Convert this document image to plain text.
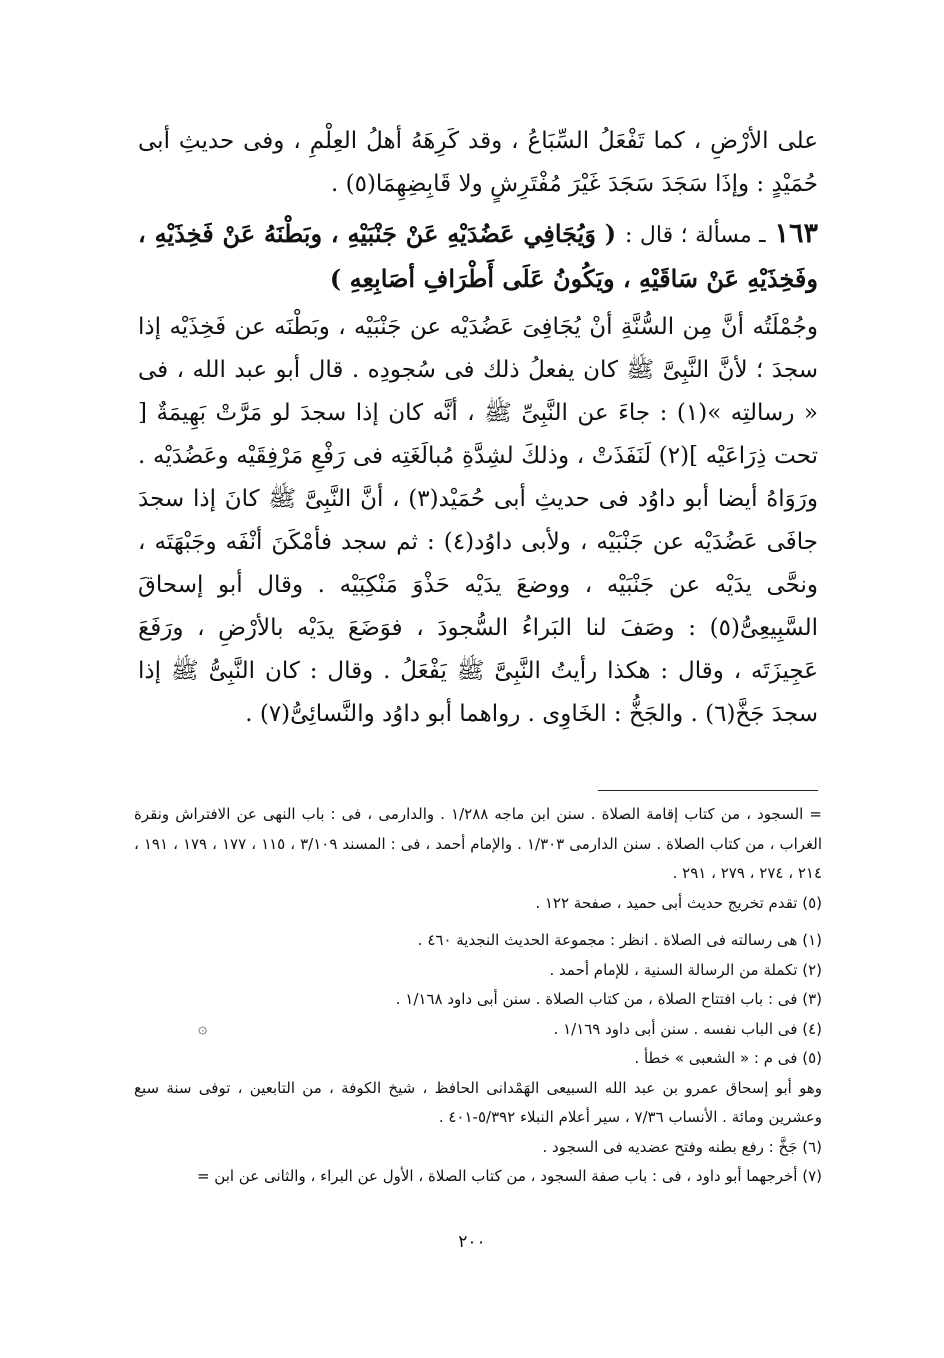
على الأرْضِ ، كما تَفْعَلُ السِّبَاعُ ، وقد كَرِهَهُ أهلُ العِلْمِ ، وفى حديثِ أبى حُمَيْدٍ : وإذَا سَجَدَ سَجَدَ غَيْرَ مُفْتَرِشٍ ولا قَابِضِهِمَا(٥) .

١٦٣ ـ مسألة ؛ قال : ( وَيُجَافِي عَضُدَيْهِ عَنْ جَنْبَيْهِ ، وبَطْنَهُ عَنْ فَخِذَيْهِ ، وفَخِذَيْهِ عَنْ سَاقَيْهِ ، ويَكُونُ عَلَى أَطْرَافِ أصَابِعِهِ )

وجُمْلَتُه أنَّ مِن السُّنَّةِ أنْ يُجَافِىَ عَضُدَيْه عن جَنْبَيْه ، وبَطْنَه عن فَخِذَيْه إذا سجدَ ؛ لأنَّ النَّبِىَّ ﷺ كان يفعلُ ذلك فى سُجودِه . قال أبو عبد الله ، فى « رسالتِه »(١) : جاءَ عن النَّبِىِّ ﷺ ، أنَّه كان إذا سجدَ لو مَرَّتْ بَهِيمَةٌ [ تحت ذِرَاعَيْه ](٢) لَنَفَذَتْ ، وذلكَ لشِدَّةِ مُبالَغَتِه فى رَفْعِ مَرْفِقَيْه وعَضُدَيْه . ورَوَاهُ أيضا أبو داوُد فى حديثِ أبى حُمَيْد(٣) ، أنَّ النَّبِىَّ ﷺ كانَ إذا سجدَ جافَى عَضُدَيْه عن جَنْبَيْه ، ولأبى داوُد(٤) : ثم سجد فأمْكَنَ أنْفَه وجَبْهَتَه ، ونحَّى يدَيْه عن جَنْبَيْه ، ووضعَ يدَيْه حَذْوَ مَنْكِبَيْه . وقال أبو إسحاقَ السَّبِيعِىُّ(٥) : وصَفَ لنا البَراءُ السُّجودَ ، فوَضَعَ يدَيْه بالأرْضِ ، ورَفَعَ عَجِيزَتَه ، وقال : هكذا رأيتُ النَّبِىَّ ﷺ يَفْعَلُ . وقال : كان النَّبِىُّ ﷺ إذا سجدَ جَخَّ(٦) . والجَخُّ : الخَاوِى . رواهما أبو داوُد والنَّسائِىُّ(٧) .

= السجود ، من كتاب إقامة الصلاة . سنن ابن ماجه ١/٢٨٨ . والدارمى ، فى : باب النهى عن الافتراش ونقرة الغراب ، من كتاب الصلاة . سنن الدارمى ١/٣٠٣ . والإمام أحمد ، فى : المسند ٣/١٠٩ ، ١١٥ ، ١٧٧ ، ١٧٩ ، ١٩١ ، ٢١٤ ، ٢٧٤ ، ٢٧٩ ، ٢٩١ .

(٥) تقدم تخريج حديث أبى حميد ، صفحة ١٢٢ .

(١) هى رسالته فى الصلاة . انظر : مجموعة الحديث النجدية ٤٦٠ .

(٢) تكملة من الرسالة السنية ، للإمام أحمد .

(٣) فى : باب افتتاح الصلاة ، من كتاب الصلاة . سنن أبى داود ١/١٦٨ .

(٤) فى الباب نفسه . سنن أبى داود ١/١٦٩ .

(٥) فى م : « الشعبى » خطأ .

وهو أبو إسحاق عمرو بن عبد الله السبيعى الهَمْدانى الحافظ ، شيخ الكوفة ، من التابعين ، توفى سنة سبع وعشرين ومائة . الأنساب ٧/٣٦ ، سير أعلام النبلاء ٥/٣٩٢-٤٠١ .

(٦) جَخَّ : رفع بطنه وفتح عضديه فى السجود .

(٧) أخرجهما أبو داود ، فى : باب صفة السجود ، من كتاب الصلاة ، الأول عن البراء ، والثانى عن ابن =

۞
٢٠٠
